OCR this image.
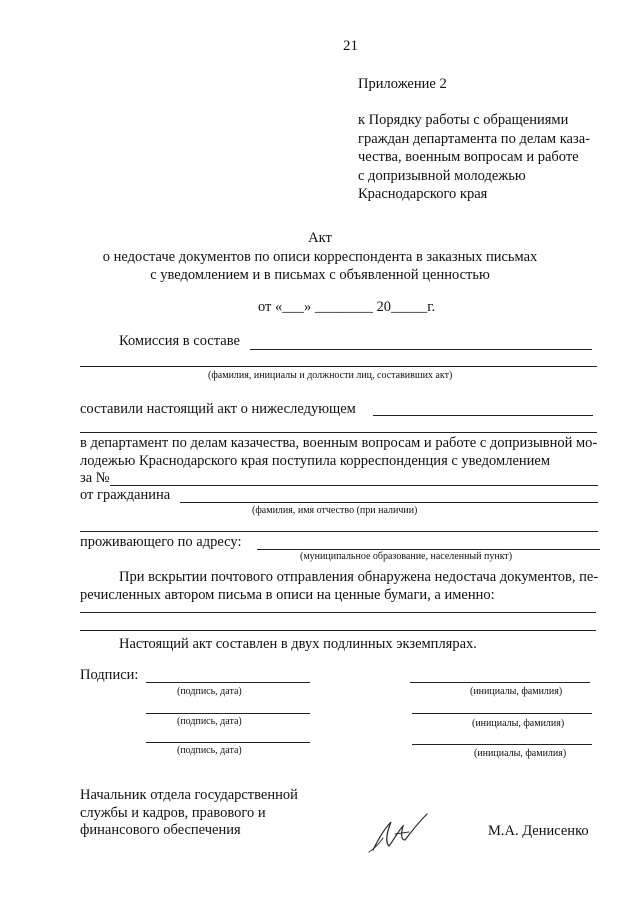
21
Приложение 2
к Порядку работы с обращениями
граждан департамента по делам каза-
чества, военным вопросам и работе
с допризывной молодежью
Краснодарского края
Акт
о недостаче документов по описи корреспондента в заказных письмах
с уведомлением и в письмах с объявленной ценностью
от «___» ________ 20_____г.
Комиссия в составе
(фамилия, инициалы и должности лиц, составивших акт)
составили настоящий акт о нижеследующем
в департамент по делам казачества, военным вопросам и работе с допризывной мо-
лодежью Краснодарского края поступила корреспонденция с уведомлением
за №
от гражданина
(фамилия, имя отчество (при наличии)
проживающего по адресу:
(муниципальное образование, населенный пункт)
При вскрытии почтового отправления обнаружена недостача документов, пе-
речисленных автором письма в описи на ценные бумаги, а именно:
Настоящий акт составлен в двух подлинных экземплярах.
Подписи:
(подпись, дата)	(инициалы, фамилия)
(подпись, дата)	(инициалы, фамилия)
(подпись, дата)	(инициалы, фамилия)
Начальник отдела государственной
службы и кадров, правового и
финансового обеспечения	М.А. Денисенко
